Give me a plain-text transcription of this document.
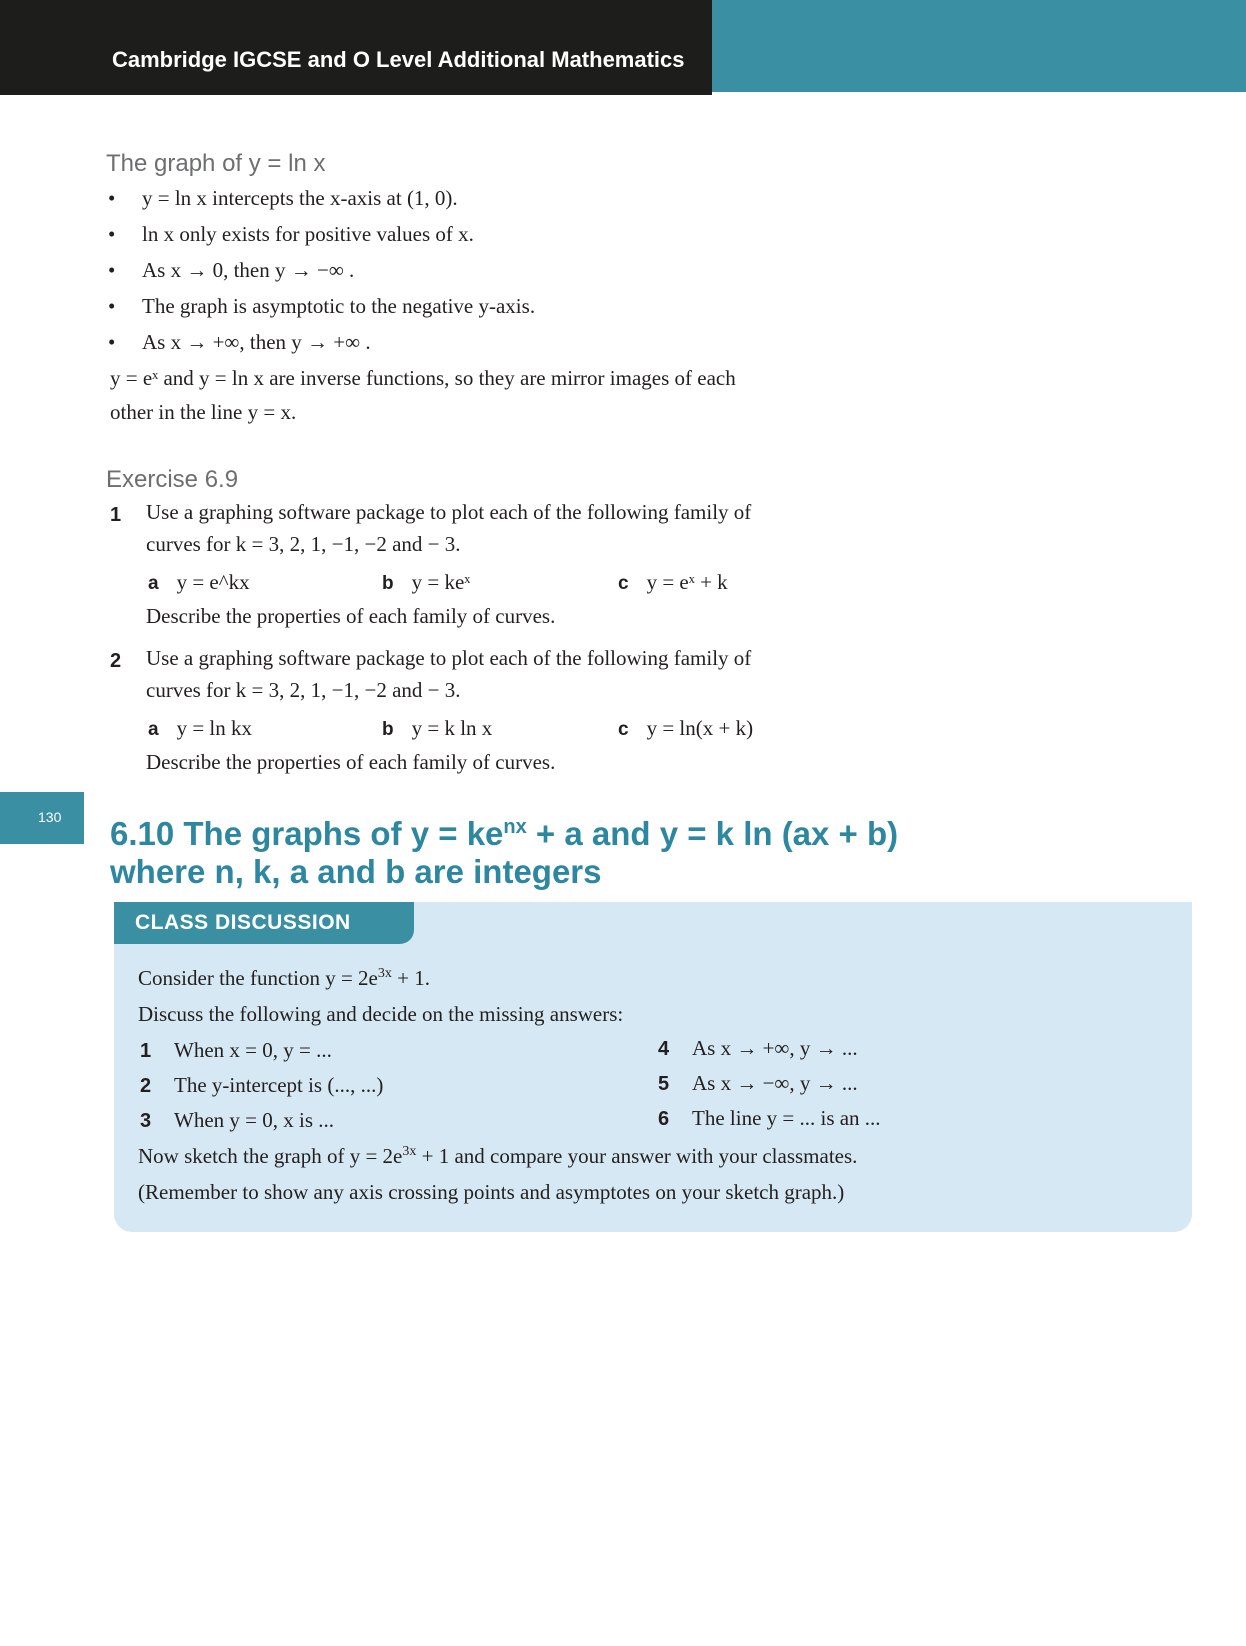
Cambridge IGCSE and O Level Additional Mathematics
The graph of y = ln x
• y = ln x intercepts the x-axis at (1, 0).
• ln x only exists for positive values of x.
• As x → 0, then y → −∞ .
• The graph is asymptotic to the negative y-axis.
• As x → +∞, then y → +∞ .
y = eˣ and y = ln x are inverse functions, so they are mirror images of each
other in the line y = x.
Exercise 6.9
1 Use a graphing software package to plot each of the following family of
curves for k = 3, 2, 1, −1, −2 and − 3.
a y = e^kx	b y = keˣ	c y = eˣ + k
Describe the properties of each family of curves.
2 Use a graphing software package to plot each of the following family of
curves for k = 3, 2, 1, −1, −2 and − 3.
a y = ln kx	b y = k ln x	c y = ln(x + k)
Describe the properties of each family of curves.
130 6.10 The graphs of $y = ke^{nx} + a$ and y = k ln (ax + b)
where n, k, a and b are integers
CLASS DISCUSSION
Consider the function $y = 2e^{3x} + 1$.
Discuss the following and decide on the missing answers:
1 When x = 0, y = ...
2 The y-intercept is (..., ...)
3 When y = 0, x is ...
4 As x → +∞, y → ...
5 As x → −∞, y → ...
6 The line y = ... is an ...
Now sketch the graph of $y = 2e^{3x} + 1$ and compare your answer with your classmates.
(Remember to show any axis crossing points and asymptotes on your sketch graph.)
